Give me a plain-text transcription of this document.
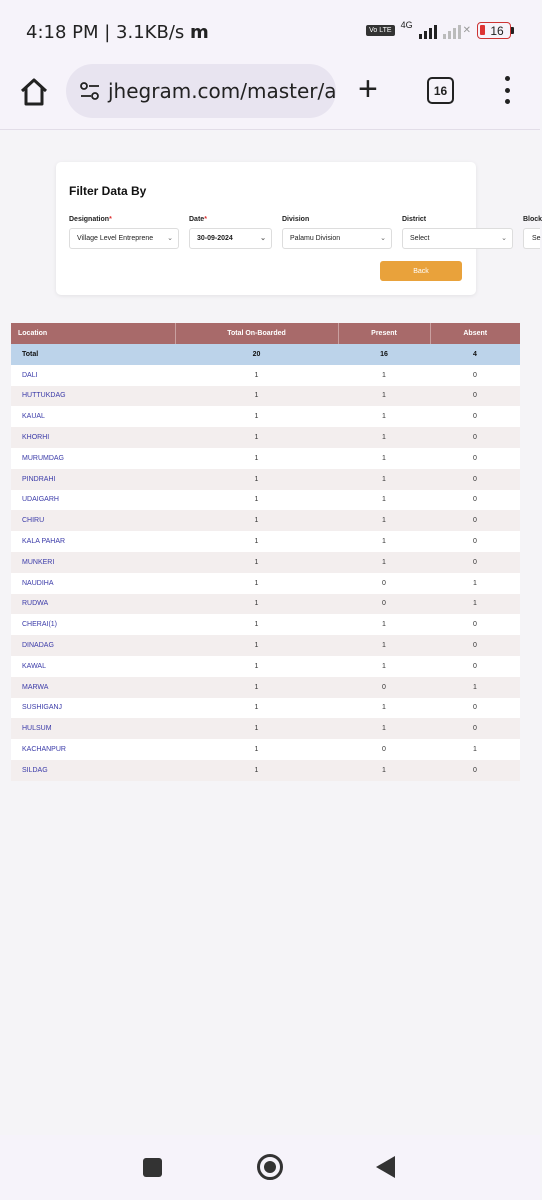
4:18 PM | 3.1KB/s m	Vo LTE
4G
✕ 16
jhegram.com/master/a +	16
Filter Data By
Designation*
Village Level Entreprene ⌄
Date*
30-09-2024	⌄
Division
Palamu Division	⌄
District
Select	⌄
Back
Block
Se
Location	Total On-Boarded	Present	Absent
Total	20	16	4
DALI	1	1	0
HUTTUKDAG	1	1	0
KAUAL	1	1	0
KHORHI	1	1	0
MURUMDAG	1	1	0
PINDRAHI	1	1	0
UDAIGARH	1	1	0
CHIRU	1	1	0
KALA PAHAR	1	1	0
MUNKERI	1	1	0
NAUDIHA	1	0	1
RUDWA	1	0	1
CHERAI(1)	1	1	0
DINADAG	1	1	0
KAWAL	1	1	0
MARWA	1	0	1
SUSHIGANJ	1	1	0
HULSUM	1	1	0
KACHANPUR	1	0	1
SILDAG	1	1	0
